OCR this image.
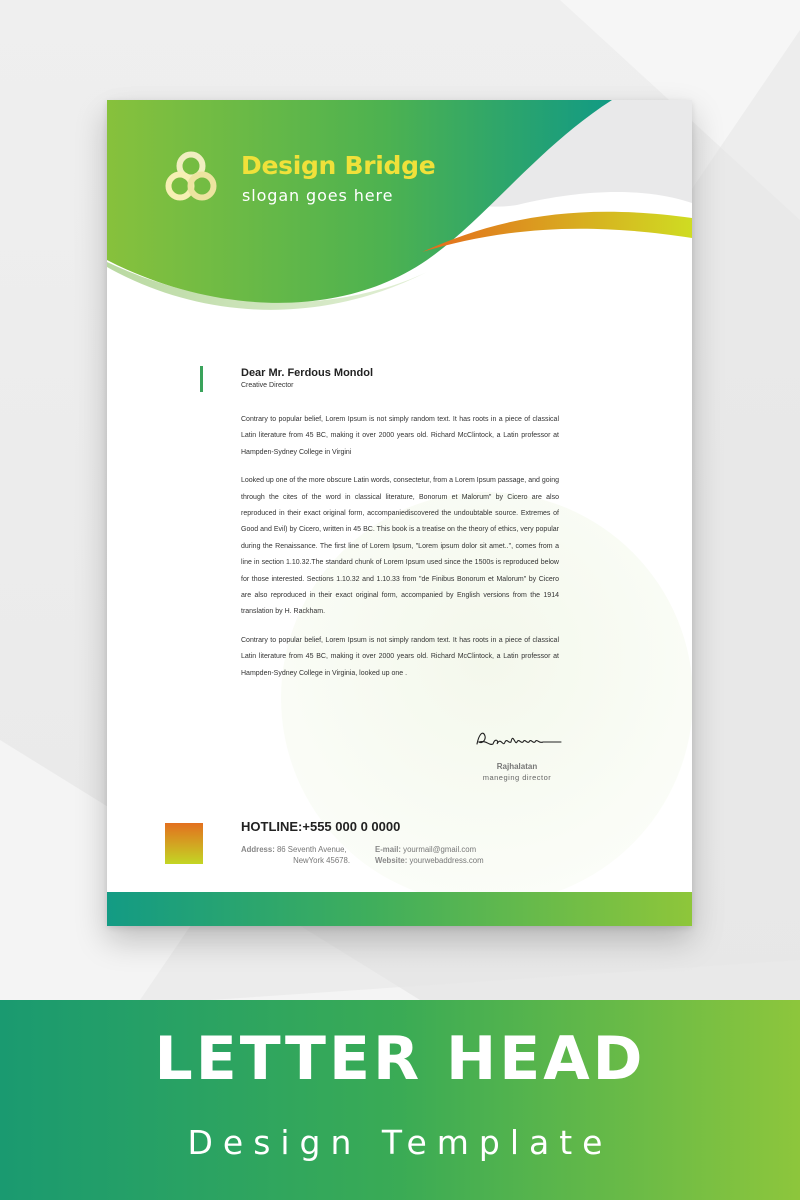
Design Bridge
slogan goes here
Dear Mr. Ferdous Mondol
Creative Director

Contrary to popular belief, Lorem Ipsum is not simply random text. It has roots in a piece of classical Latin literature from 45 BC, making it over 2000 years old. Richard McClintock, a Latin professor at Hampden-Sydney College in Virgini

Looked up one of the more obscure Latin words, consectetur, from a Lorem Ipsum passage, and going through the cites of the word in classical literature, Bonorum et Malorum" by Cicero are also reproduced in their exact original form, accompaniediscovered the undoubtable source. Extremes of Good and Evil) by Cicero, written in 45 BC. This book is a treatise on the theory of ethics, very popular during the Renaissance. The first line of Lorem Ipsum, "Lorem ipsum dolor sit amet..", comes from a line in section 1.10.32.The standard chunk of Lorem Ipsum used since the 1500s is reproduced below for those interested. Sections 1.10.32 and 1.10.33 from "de Finibus Bonorum et Malorum" by Cicero are also reproduced in their exact original form, accompanied by English versions from the 1914 translation by H. Rackham.

Contrary to popular belief, Lorem Ipsum is not simply random text. It has roots in a piece of classical Latin literature from 45 BC, making it over 2000 years old. Richard McClintock, a Latin professor at Hampden-Sydney College in Virginia, looked up one .

Rajhalatan
maneging director
HOTLINE:+555 000 0 0000
Address: 86 Seventh Avenue,
NewYork 45678.
E-mail: yourmail@gmail.com
Website: yourwebaddress.com
LETTER HEAD
Design Template
